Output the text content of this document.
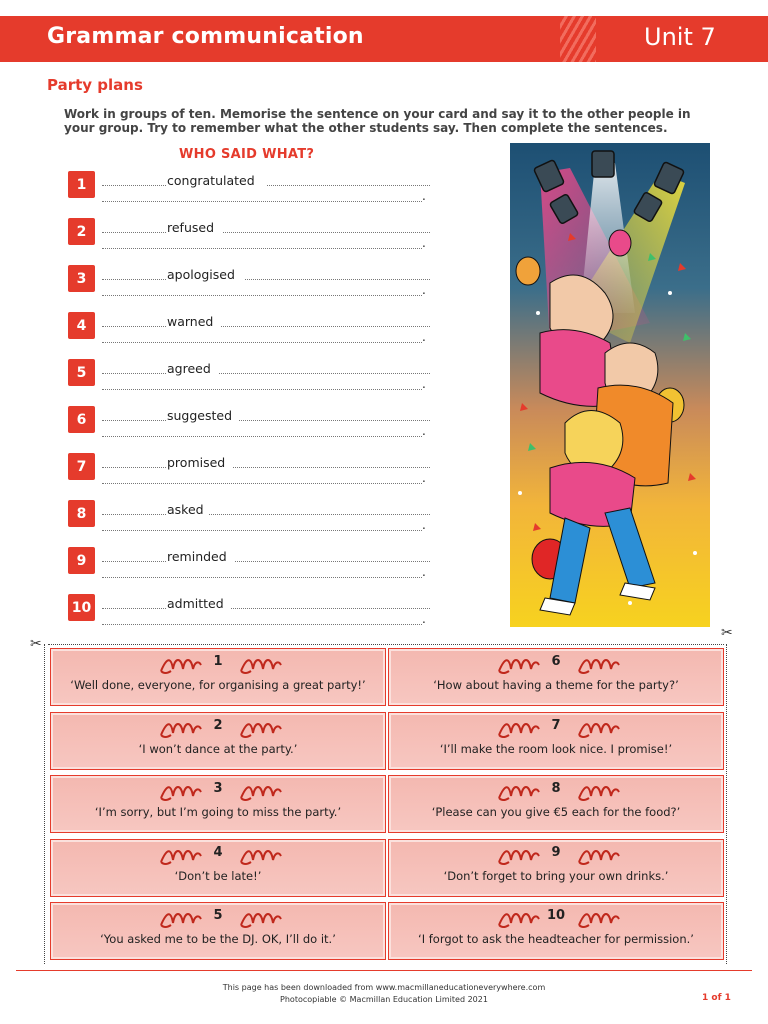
Grammar communication	Unit 7
Party plans
Work in groups of ten. Memorise the sentence on your card and say it to the other people in your group. Try to remember what the other students say. Then complete the sentences.
WHO SAID WHAT?
1	congratulated
.
2	refused
.
3	apologised
.
4	warned
.
5	agreed
.
6	suggested
.
7	promised
.
8	asked
.
9	reminded
.
10	admitted
.
✂
✂
1
‘Well done, everyone, for organising a great party!’
6
‘How about having a theme for the party?’
2
‘I won’t dance at the party.’
7
‘I’ll make the room look nice. I promise!’
3
‘I’m sorry, but I’m going to miss the party.’
8
‘Please can you give €5 each for the food?’
4
‘Don’t be late!’
9
‘Don’t forget to bring your own drinks.’
5
‘You asked me to be the DJ. OK, I’ll do it.’
10
‘I forgot to ask the headteacher for permission.’
This page has been downloaded from www.macmillaneducationeverywhere.com
Photocopiable © Macmillan Education Limited 2021	1 of 1
